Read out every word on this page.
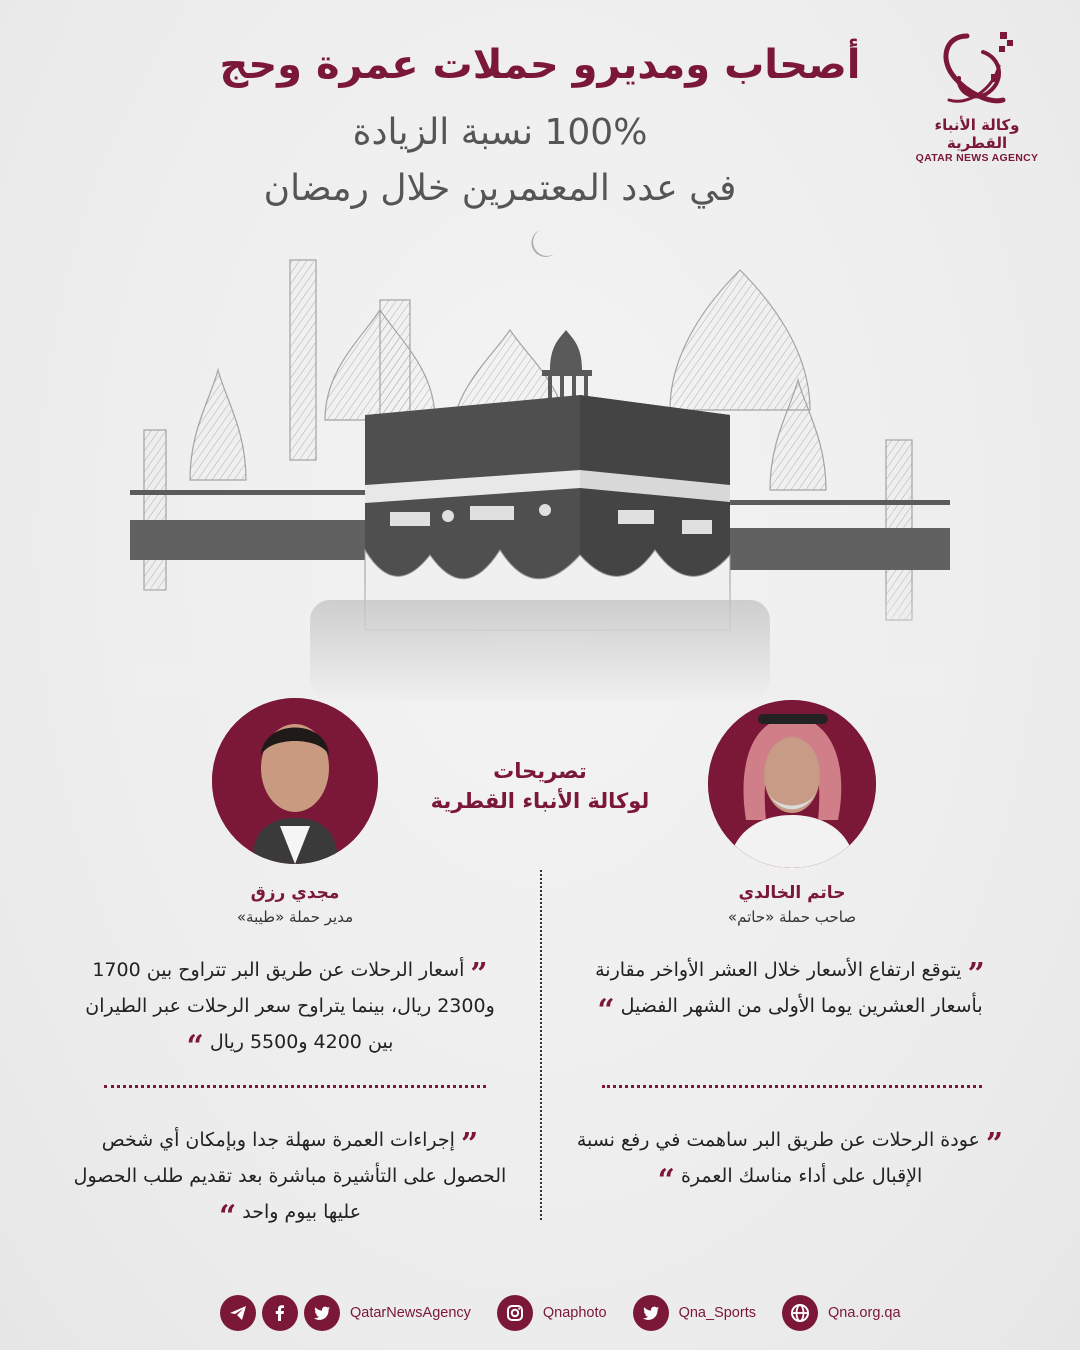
وكالة الأنباء القطرية
QATAR NEWS AGENCY
أصحاب ومديرو حملات عمرة وحج
100% نسبة الزيادة
في عدد المعتمرين خلال رمضان
تصريحات
لوكالة الأنباء القطرية
مجدي رزق
مدير حملة «طيبة»
حاتم الخالدي
صاحب حملة «حاتم»
” أسعار الرحلات عن طريق البر تتراوح بين 1700 و2300 ريال، بينما يتراوح سعر الرحلات عبر الطيران بين 4200 و5500 ريال “
” يتوقع ارتفاع الأسعار خلال العشر الأواخر مقارنة بأسعار العشرين يوما الأولى من الشهر الفضيل “
” إجراءات العمرة سهلة جدا وبإمكان أي شخص الحصول على التأشيرة مباشرة بعد تقديم طلب الحصول عليها بيوم واحد “
” عودة الرحلات عن طريق البر ساهمت في رفع نسبة الإقبال على أداء مناسك العمرة “
QatarNewsAgency	Qnaphoto	Qna_Sports	Qna.org.qa
